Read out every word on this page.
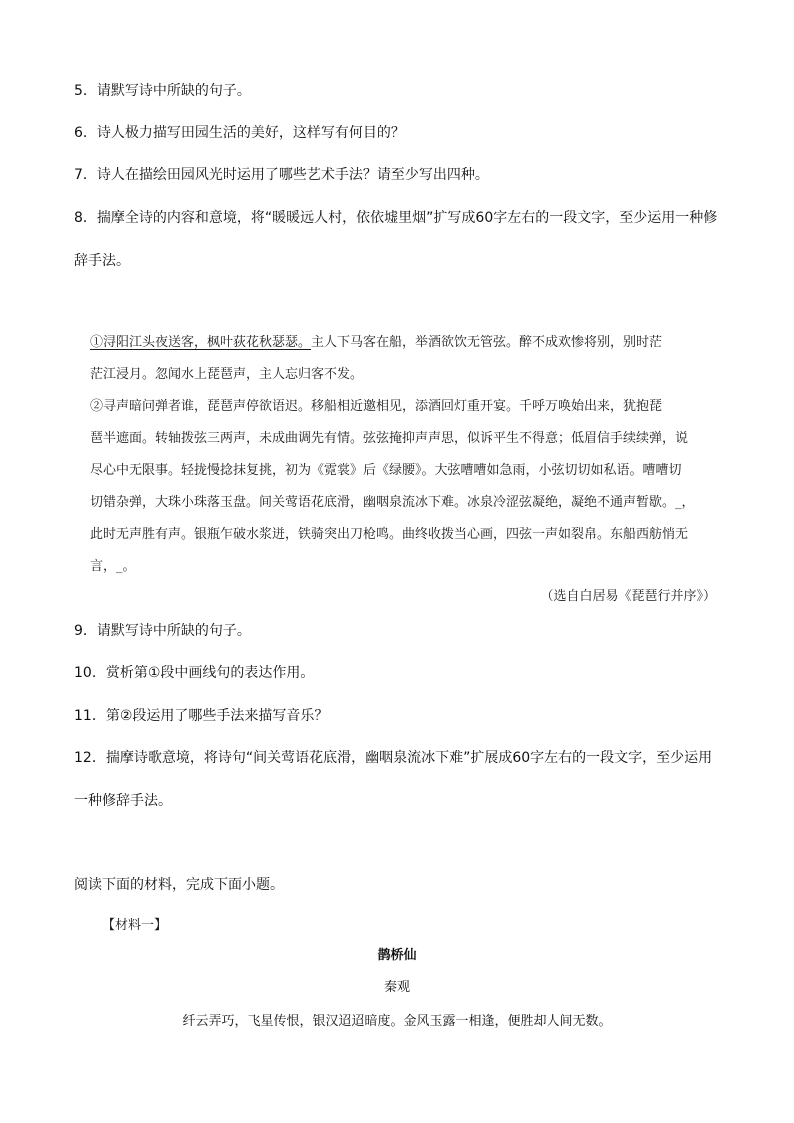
5．请默写诗中所缺的句子。
6．诗人极力描写田园生活的美好，这样写有何目的？
7．诗人在描绘田园风光时运用了哪些艺术手法？请至少写出四种。
8．揣摩全诗的内容和意境，将“暖暖远人村，依依墟里烟”扩写成60字左右的一段文字，至少运用一种修
辞手法。
①浔阳江头夜送客，枫叶荻花秋瑟瑟。主人下马客在船，举酒欲饮无管弦。醉不成欢惨将别，别时茫
茫江浸月。忽闻水上琵琶声，主人忘归客不发。
②寻声暗问弹者谁，琵琶声停欲语迟。移船相近邀相见，添酒回灯重开宴。千呼万唤始出来，犹抱琵
琶半遮面。转轴拨弦三两声，未成曲调先有情。弦弦掩抑声声思，似诉平生不得意；低眉信手续续弹，说
尽心中无限事。轻拢慢捻抹复挑，初为《霓裳》后《绿腰》。大弦嘈嘈如急雨，小弦切切如私语。嘈嘈切
切错杂弹，大珠小珠落玉盘。间关莺语花底滑，幽咽泉流冰下难。冰泉冷涩弦凝绝，凝绝不通声暂歇。_，
此时无声胜有声。银瓶乍破水浆迸，铁骑突出刀枪鸣。曲终收拨当心画，四弦一声如裂帛。东船西舫悄无
言，_。
（选自白居易《琵琶行并序》）
9．请默写诗中所缺的句子。
10．赏析第①段中画线句的表达作用。
11．第②段运用了哪些手法来描写音乐？
12．揣摩诗歌意境，将诗句“间关莺语花底滑，幽咽泉流冰下难”扩展成60字左右的一段文字，至少运用
一种修辞手法。
阅读下面的材料，完成下面小题。
【材料一】
鹊桥仙
秦观
纤云弄巧，飞星传恨，银汉迢迢暗度。金风玉露一相逢，便胜却人间无数。
